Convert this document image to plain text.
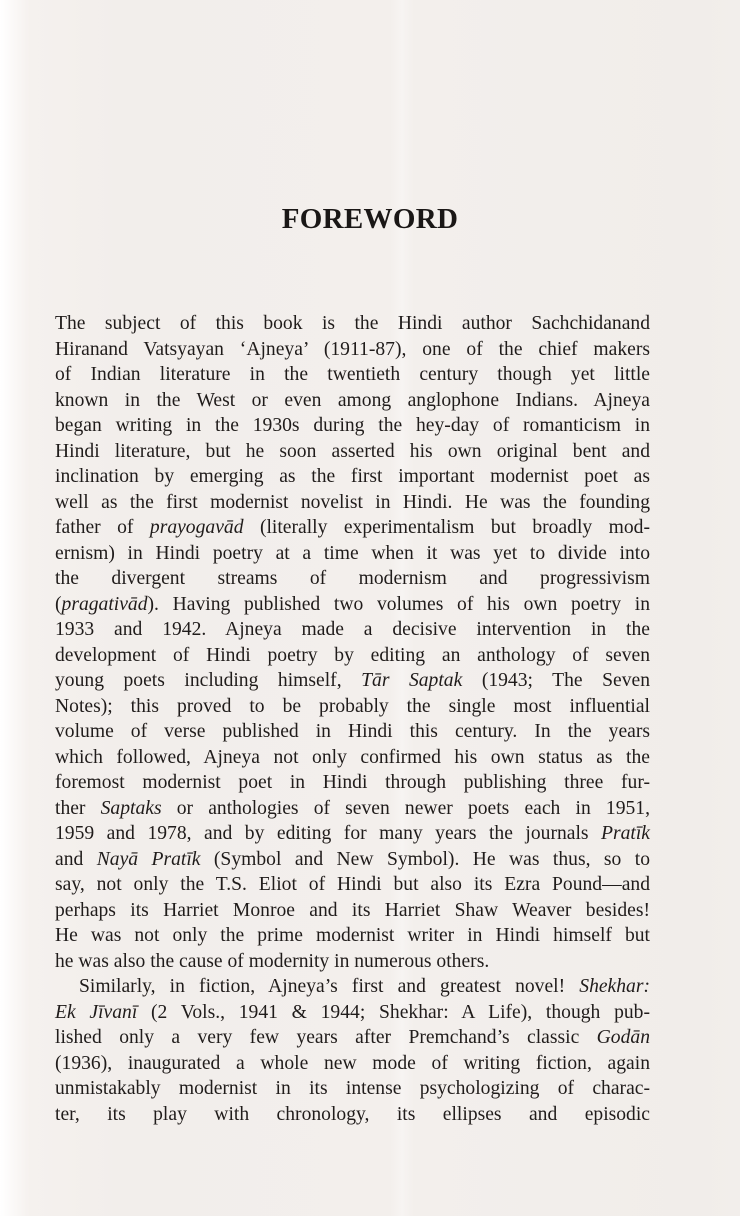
FOREWORD

The subject of this book is the Hindi author Sachchidanand
Hiranand Vatsyayan ‘Ajneya’ (1911-87), one of the chief makers
of Indian literature in the twentieth century though yet little
known in the West or even among anglophone Indians. Ajneya
began writing in the 1930s during the hey-day of romanticism in
Hindi literature, but he soon asserted his own original bent and
inclination by emerging as the first important modernist poet as
well as the first modernist novelist in Hindi. He was the founding
father of prayogavād (literally experimentalism but broadly mod-
ernism) in Hindi poetry at a time when it was yet to divide into
the divergent streams of modernism and progressivism
(pragativād). Having published two volumes of his own poetry in
1933 and 1942. Ajneya made a decisive intervention in the
development of Hindi poetry by editing an anthology of seven
young poets including himself, Tār Saptak (1943; The Seven
Notes); this proved to be probably the single most influential
volume of verse published in Hindi this century. In the years
which followed, Ajneya not only confirmed his own status as the
foremost modernist poet in Hindi through publishing three fur-
ther Saptaks or anthologies of seven newer poets each in 1951,
1959 and 1978, and by editing for many years the journals Pratīk
and Nayā Pratīk (Symbol and New Symbol). He was thus, so to
say, not only the T.S. Eliot of Hindi but also its Ezra Pound—and
perhaps its Harriet Monroe and its Harriet Shaw Weaver besides!
He was not only the prime modernist writer in Hindi himself but
he was also the cause of modernity in numerous others.

Similarly, in fiction, Ajneya’s first and greatest novel! Shekhar:
Ek Jīvanī (2 Vols., 1941 & 1944; Shekhar: A Life), though pub-
lished only a very few years after Premchand’s classic Godān
(1936), inaugurated a whole new mode of writing fiction, again
unmistakably modernist in its intense psychologizing of charac-
ter, its play with chronology, its ellipses and episodic
